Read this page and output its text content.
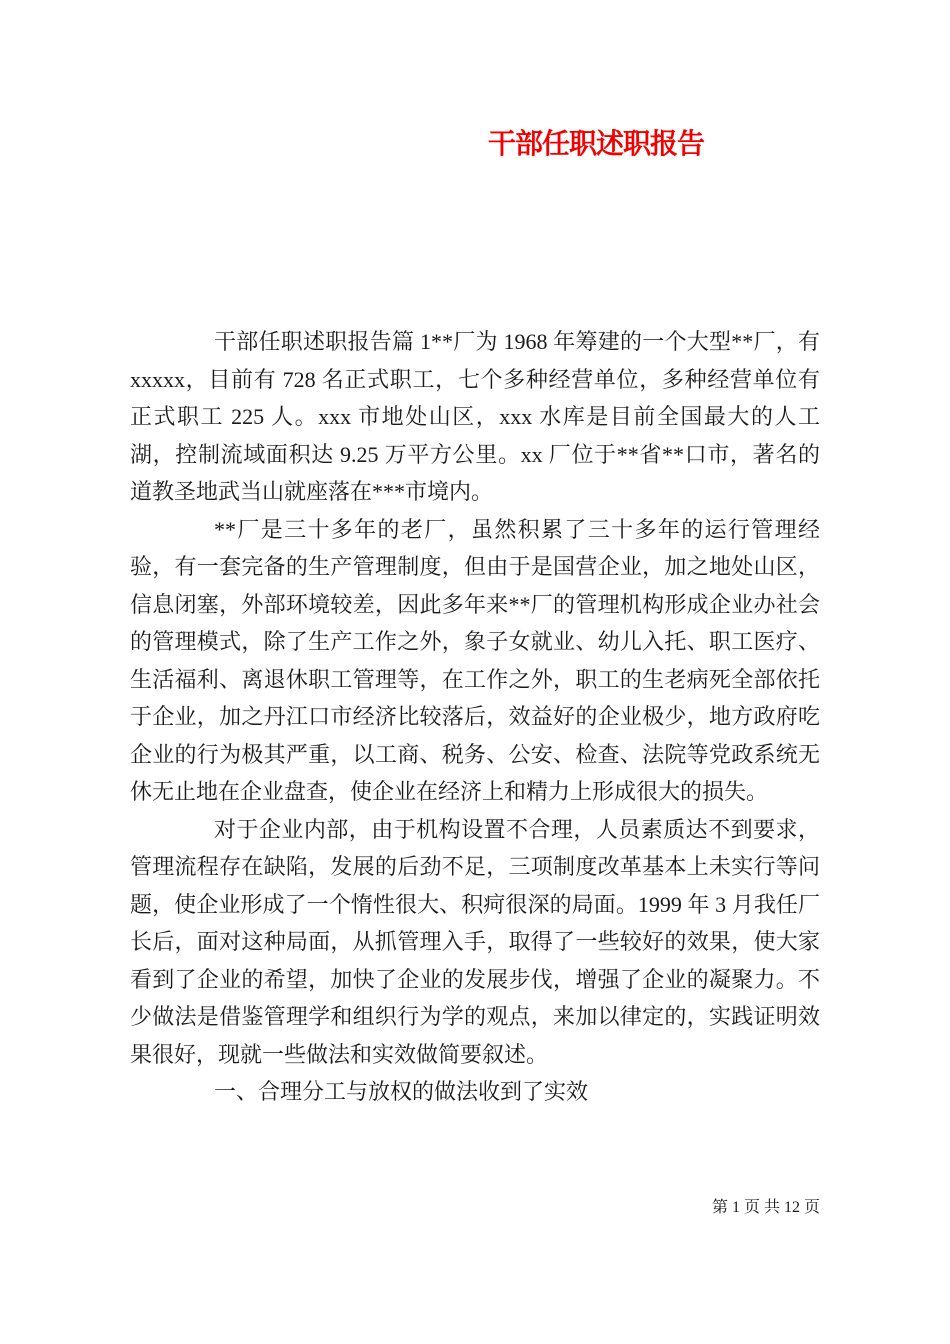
干部任职述职报告

干部任职述职报告篇 1**厂为 1968 年筹建的一个大型**厂，有 xxxxx，目前有 728 名正式职工，七个多种经营单位，多种经营单位有正式职工 225 人。xxx 市地处山区，xxx 水库是目前全国最大的人工湖，控制流域面积达 9.25 万平方公里。xx 厂位于**省**口市，著名的道教圣地武当山就座落在***市境内。

**厂是三十多年的老厂，虽然积累了三十多年的运行管理经验，有一套完备的生产管理制度，但由于是国营企业，加之地处山区，信息闭塞，外部环境较差，因此多年来**厂的管理机构形成企业办社会的管理模式，除了生产工作之外，象子女就业、幼儿入托、职工医疗、生活福利、离退休职工管理等，在工作之外，职工的生老病死全部依托于企业，加之丹江口市经济比较落后，效益好的企业极少，地方政府吃企业的行为极其严重，以工商、税务、公安、检查、法院等党政系统无休无止地在企业盘查，使企业在经济上和精力上形成很大的损失。

对于企业内部，由于机构设置不合理，人员素质达不到要求，管理流程存在缺陷，发展的后劲不足，三项制度改革基本上未实行等问题，使企业形成了一个惰性很大、积疴很深的局面。1999 年 3 月我任厂长后，面对这种局面，从抓管理入手，取得了一些较好的效果，使大家看到了企业的希望，加快了企业的发展步伐，增强了企业的凝聚力。不少做法是借鉴管理学和组织行为学的观点，来加以律定的，实践证明效果很好，现就一些做法和实效做简要叙述。

一、合理分工与放权的做法收到了实效

第 1 页 共 12 页
